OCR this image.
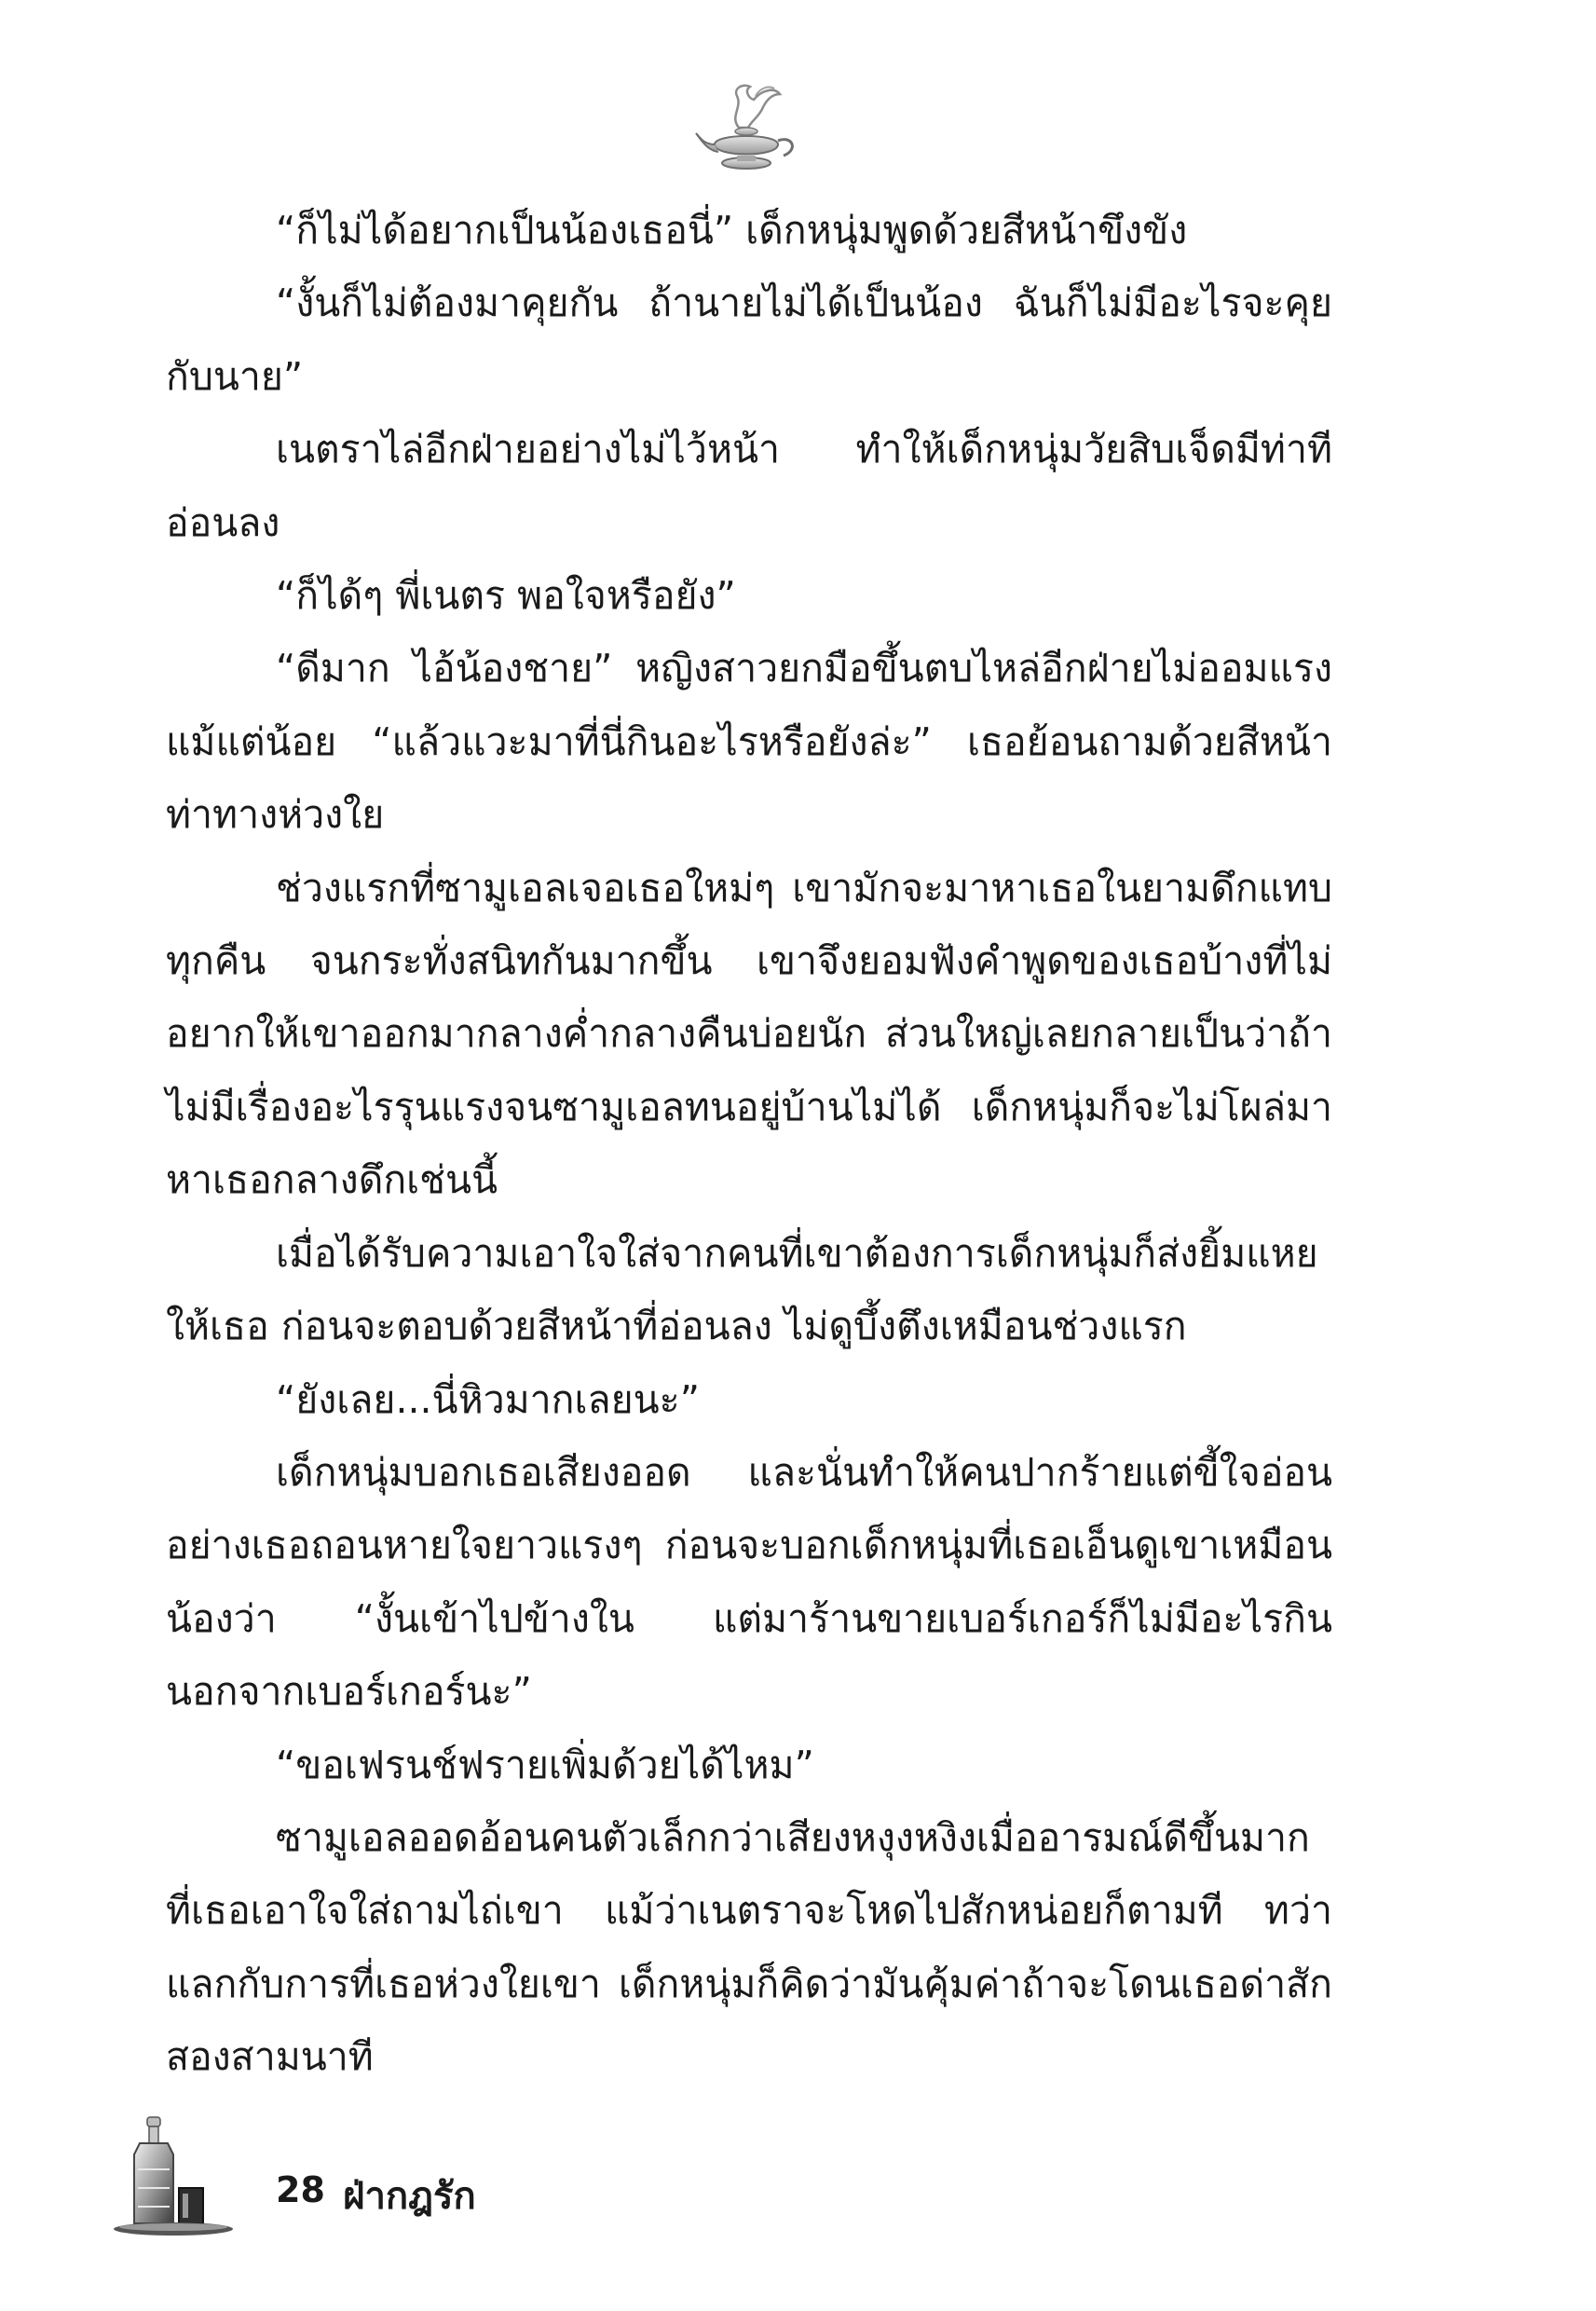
“ก็ไม่ได้อยากเป็นน้องเธอนี่” เด็กหนุ่มพูดด้วยสีหน้าขึงขัง

“งั้นก็ไม่ต้องมาคุยกัน ถ้านายไม่ได้เป็นน้อง ฉันก็ไม่มีอะไรจะคุยกับนาย”

เนตราไล่อีกฝ่ายอย่างไม่ไว้หน้า ทำให้เด็กหนุ่มวัยสิบเจ็ดมีท่าทีอ่อนลง

“ก็ได้ๆ พี่เนตร พอใจหรือยัง”

“ดีมาก ไอ้น้องชาย” หญิงสาวยกมือขึ้นตบไหล่อีกฝ่ายไม่ออมแรงแม้แต่น้อย “แล้วแวะมาที่นี่กินอะไรหรือยังล่ะ” เธอย้อนถามด้วยสีหน้าท่าทางห่วงใย

ช่วงแรกที่ซามูเอลเจอเธอใหม่ๆ เขามักจะมาหาเธอในยามดึกแทบทุกคืน จนกระทั่งสนิทกันมากขึ้น เขาจึงยอมฟังคำพูดของเธอบ้างที่ไม่อยากให้เขาออกมากลางค่ำกลางคืนบ่อยนัก ส่วนใหญ่เลยกลายเป็นว่าถ้าไม่มีเรื่องอะไรรุนแรงจนซามูเอลทนอยู่บ้านไม่ได้ เด็กหนุ่มก็จะไม่โผล่มาหาเธอกลางดึกเช่นนี้

เมื่อได้รับความเอาใจใส่จากคนที่เขาต้องการเด็กหนุ่มก็ส่งยิ้มแหยให้เธอ ก่อนจะตอบด้วยสีหน้าที่อ่อนลง ไม่ดูบึ้งตึงเหมือนช่วงแรก

“ยังเลย...นี่หิวมากเลยนะ”

เด็กหนุ่มบอกเธอเสียงออด และนั่นทำให้คนปากร้ายแต่ขี้ใจอ่อนอย่างเธอถอนหายใจยาวแรงๆ ก่อนจะบอกเด็กหนุ่มที่เธอเอ็นดูเขาเหมือนน้องว่า “งั้นเข้าไปข้างใน แต่มาร้านขายเบอร์เกอร์ก็ไม่มีอะไรกินนอกจากเบอร์เกอร์นะ”

“ขอเฟรนช์ฟรายเพิ่มด้วยได้ไหม”

ซามูเอลออดอ้อนคนตัวเล็กกว่าเสียงหงุงหงิงเมื่ออารมณ์ดีขึ้นมากที่เธอเอาใจใส่ถามไถ่เขา แม้ว่าเนตราจะโหดไปสักหน่อยก็ตามที ทว่าแลกกับการที่เธอห่วงใยเขา เด็กหนุ่มก็คิดว่ามันคุ้มค่าถ้าจะโดนเธอด่าสักสองสามนาที

28 ฝ่ากฎรัก
